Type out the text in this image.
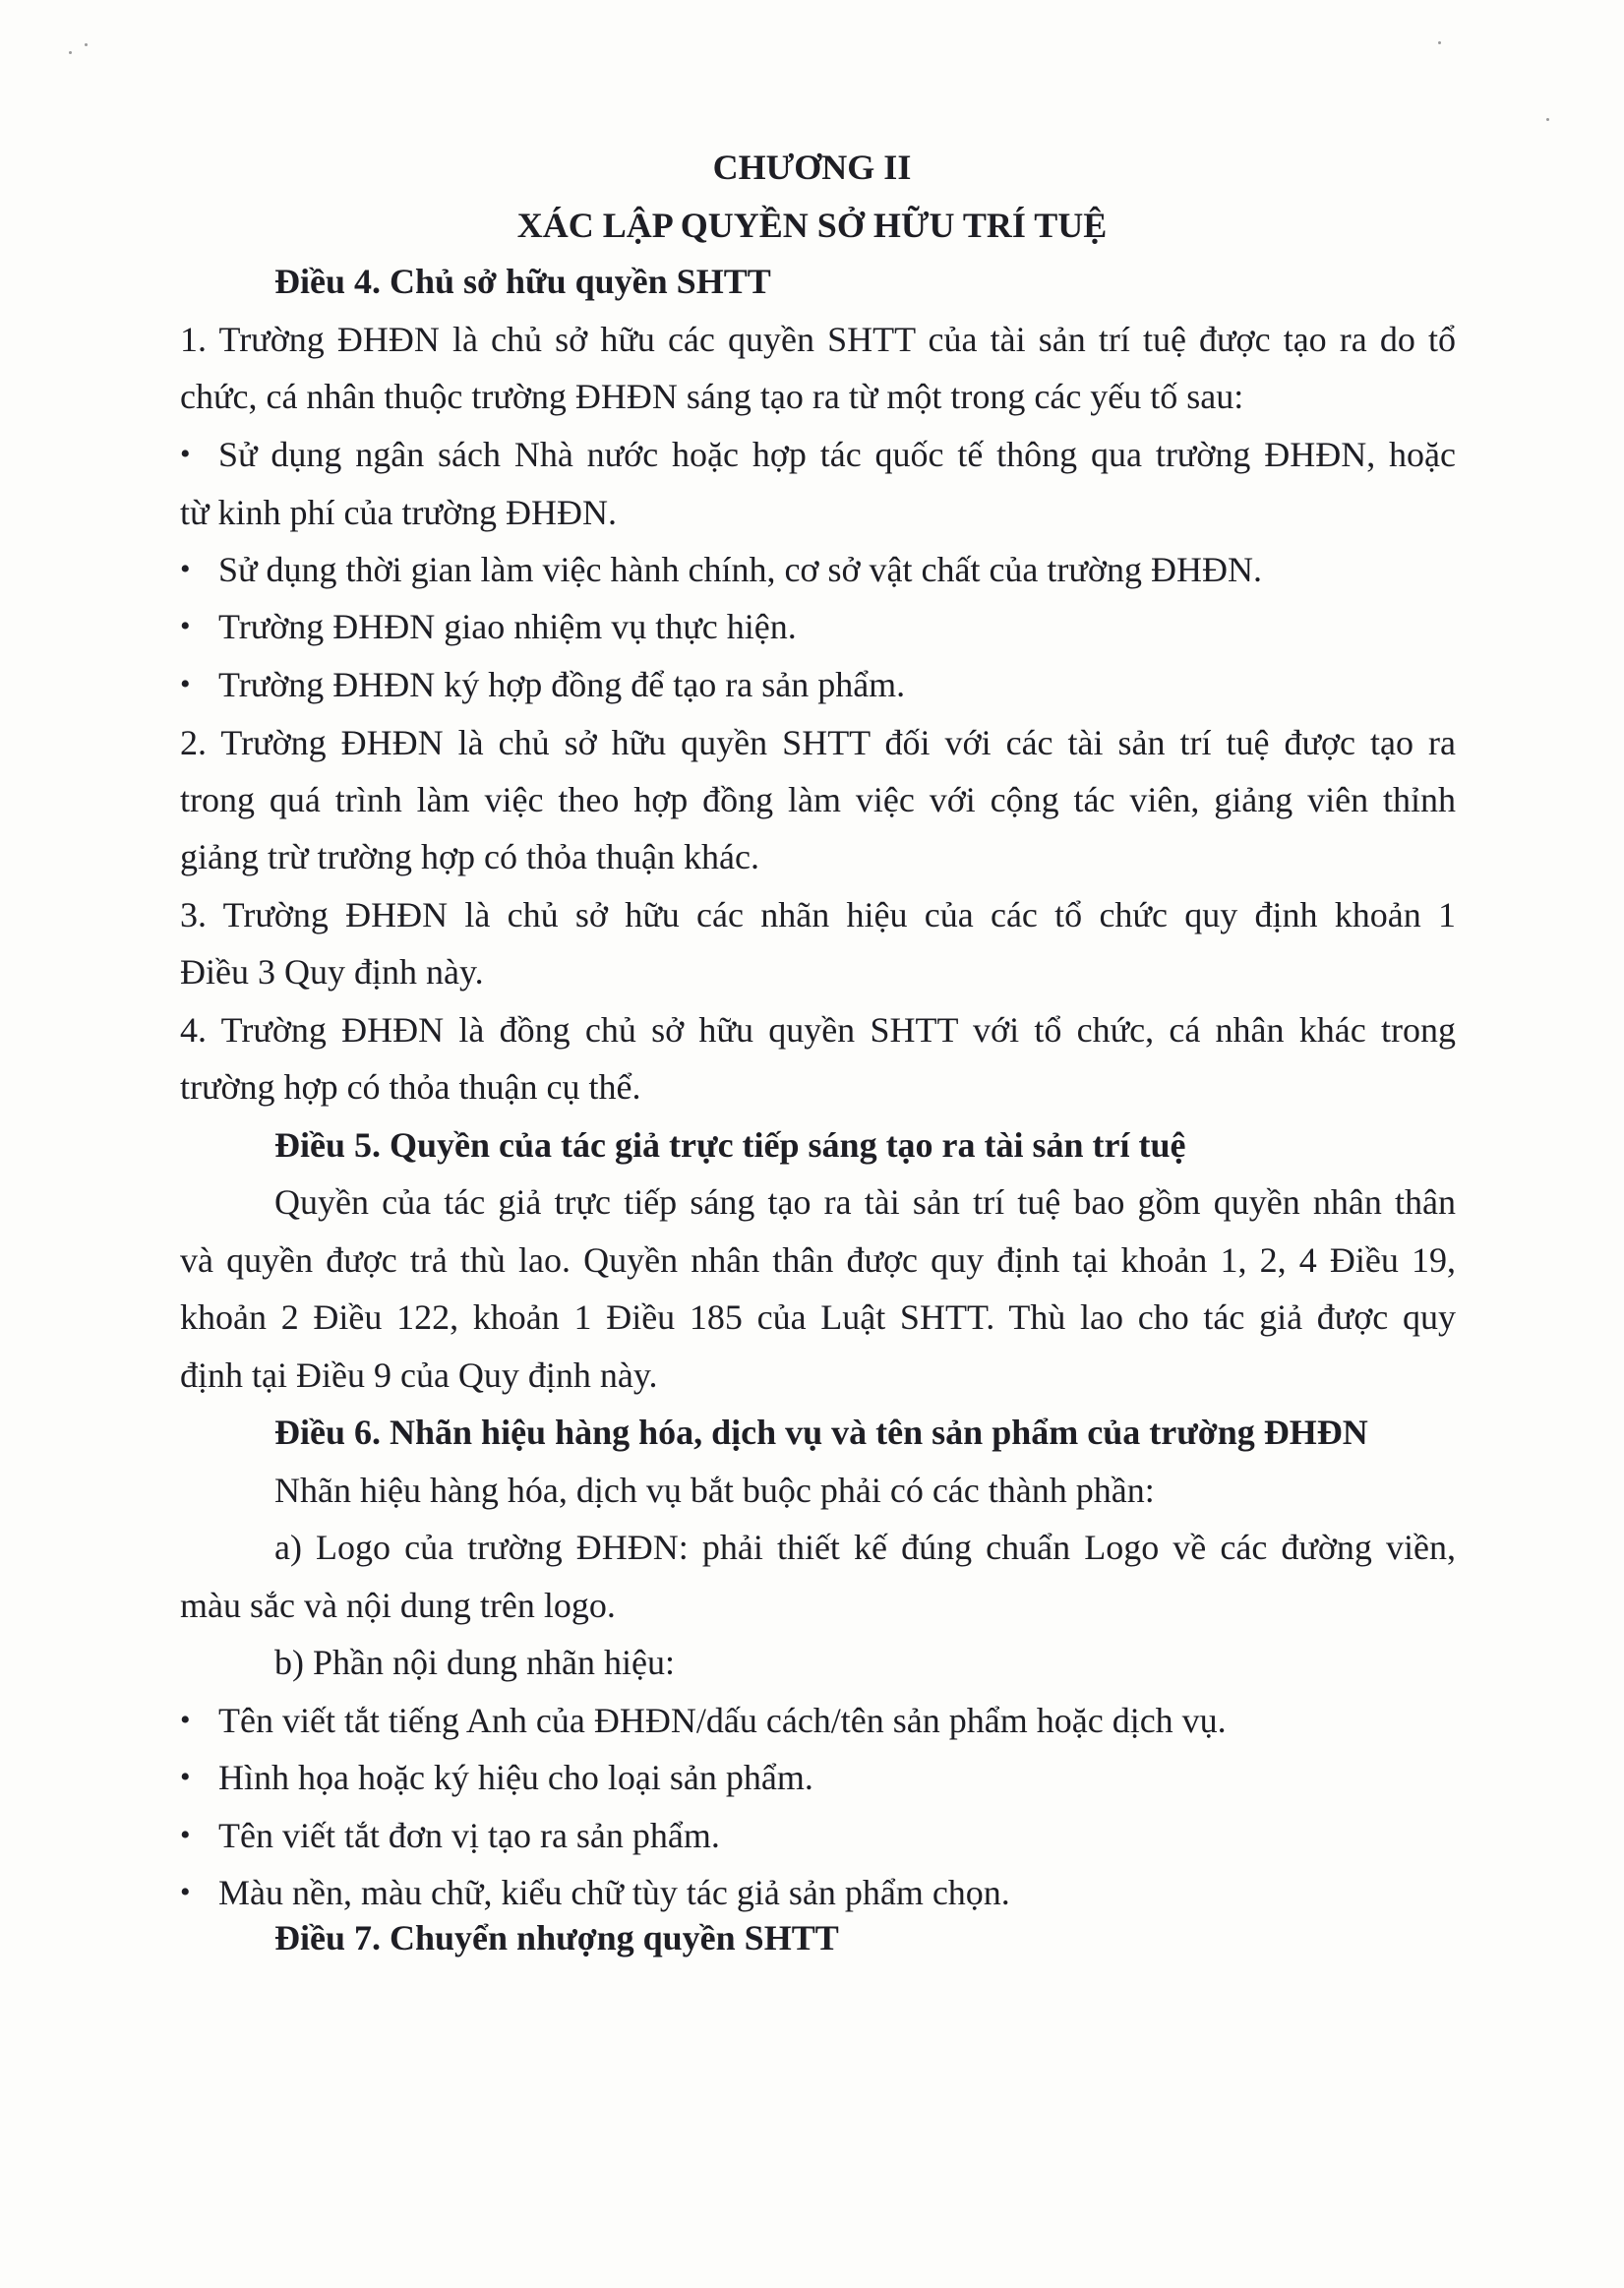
CHƯƠNG II
XÁC LẬP QUYỀN SỞ HỮU TRÍ TUỆ
Điều 4. Chủ sở hữu quyền SHTT
1. Trường ĐHĐN là chủ sở hữu các quyền SHTT của tài sản trí tuệ được tạo ra do tổ
chức, cá nhân thuộc trường ĐHĐN sáng tạo ra từ một trong các yếu tố sau:
• Sử dụng ngân sách Nhà nước hoặc hợp tác quốc tế thông qua trường ĐHĐN, hoặc
từ kinh phí của trường ĐHĐN.
• Sử dụng thời gian làm việc hành chính, cơ sở vật chất của trường ĐHĐN.
• Trường ĐHĐN giao nhiệm vụ thực hiện.
• Trường ĐHĐN ký hợp đồng để tạo ra sản phẩm.
2. Trường ĐHĐN là chủ sở hữu quyền SHTT đối với các tài sản trí tuệ được tạo ra
trong quá trình làm việc theo hợp đồng làm việc với cộng tác viên, giảng viên thỉnh
giảng trừ trường hợp có thỏa thuận khác.
3. Trường ĐHĐN là chủ sở hữu các nhãn hiệu của các tổ chức quy định khoản 1
Điều 3 Quy định này.
4. Trường ĐHĐN là đồng chủ sở hữu quyền SHTT với tổ chức, cá nhân khác trong
trường hợp có thỏa thuận cụ thể.
Điều 5. Quyền của tác giả trực tiếp sáng tạo ra tài sản trí tuệ
Quyền của tác giả trực tiếp sáng tạo ra tài sản trí tuệ bao gồm quyền nhân thân
và quyền được trả thù lao. Quyền nhân thân được quy định tại khoản 1, 2, 4 Điều 19,
khoản 2 Điều 122, khoản 1 Điều 185 của Luật SHTT. Thù lao cho tác giả được quy
định tại Điều 9 của Quy định này.
Điều 6. Nhãn hiệu hàng hóa, dịch vụ và tên sản phẩm của trường ĐHĐN
Nhãn hiệu hàng hóa, dịch vụ bắt buộc phải có các thành phần:
a) Logo của trường ĐHĐN: phải thiết kế đúng chuẩn Logo về các đường viền,
màu sắc và nội dung trên logo.
b) Phần nội dung nhãn hiệu:
• Tên viết tắt tiếng Anh của ĐHĐN/dấu cách/tên sản phẩm hoặc dịch vụ.
• Hình họa hoặc ký hiệu cho loại sản phẩm.
• Tên viết tắt đơn vị tạo ra sản phẩm.
• Màu nền, màu chữ, kiểu chữ tùy tác giả sản phẩm chọn.
Điều 7. Chuyển nhượng quyền SHTT
